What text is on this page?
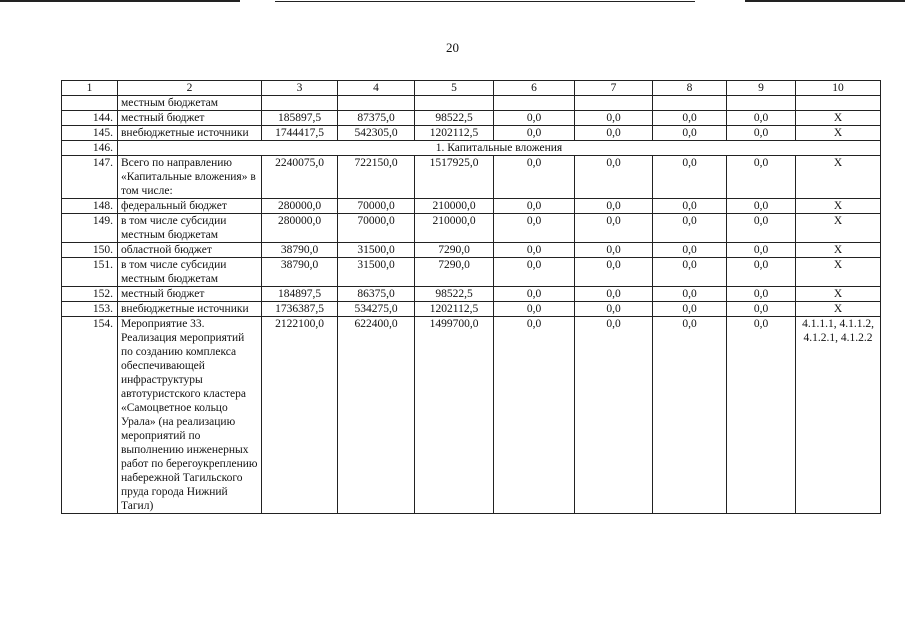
20
1	2	3	4	5	6	7	8	9	10
	местным бюджетам								
144.	местный бюджет	185897,5	87375,0	98522,5	0,0	0,0	0,0	0,0	X
145.	внебюджетные источники	1744417,5	542305,0	1202112,5	0,0	0,0	0,0	0,0	X
146.	1. Капитальные вложения								
147.	Всего по направлению «Капитальные вложения» в том числе:	2240075,0	722150,0	1517925,0	0,0	0,0	0,0	0,0	X
148.	федеральный бюджет	280000,0	70000,0	210000,0	0,0	0,0	0,0	0,0	X
149.	в том числе субсидии местным бюджетам	280000,0	70000,0	210000,0	0,0	0,0	0,0	0,0	X
150.	областной бюджет	38790,0	31500,0	7290,0	0,0	0,0	0,0	0,0	X
151.	в том числе субсидии местным бюджетам	38790,0	31500,0	7290,0	0,0	0,0	0,0	0,0	X
152.	местный бюджет	184897,5	86375,0	98522,5	0,0	0,0	0,0	0,0	X
153.	внебюджетные источники	1736387,5	534275,0	1202112,5	0,0	0,0	0,0	0,0	X
154.	Мероприятие 33. Реализация мероприятий по созданию комплекса обеспечивающей инфраструктуры автотуристского кластера «Самоцветное кольцо Урала» (на реализацию мероприятий по выполнению инженерных работ по берегоукреплению набережной Тагильского пруда города Нижний Тагил)	2122100,0	622400,0	1499700,0	0,0	0,0	0,0	0,0	4.1.1.1, 4.1.1.2, 4.1.2.1, 4.1.2.2
